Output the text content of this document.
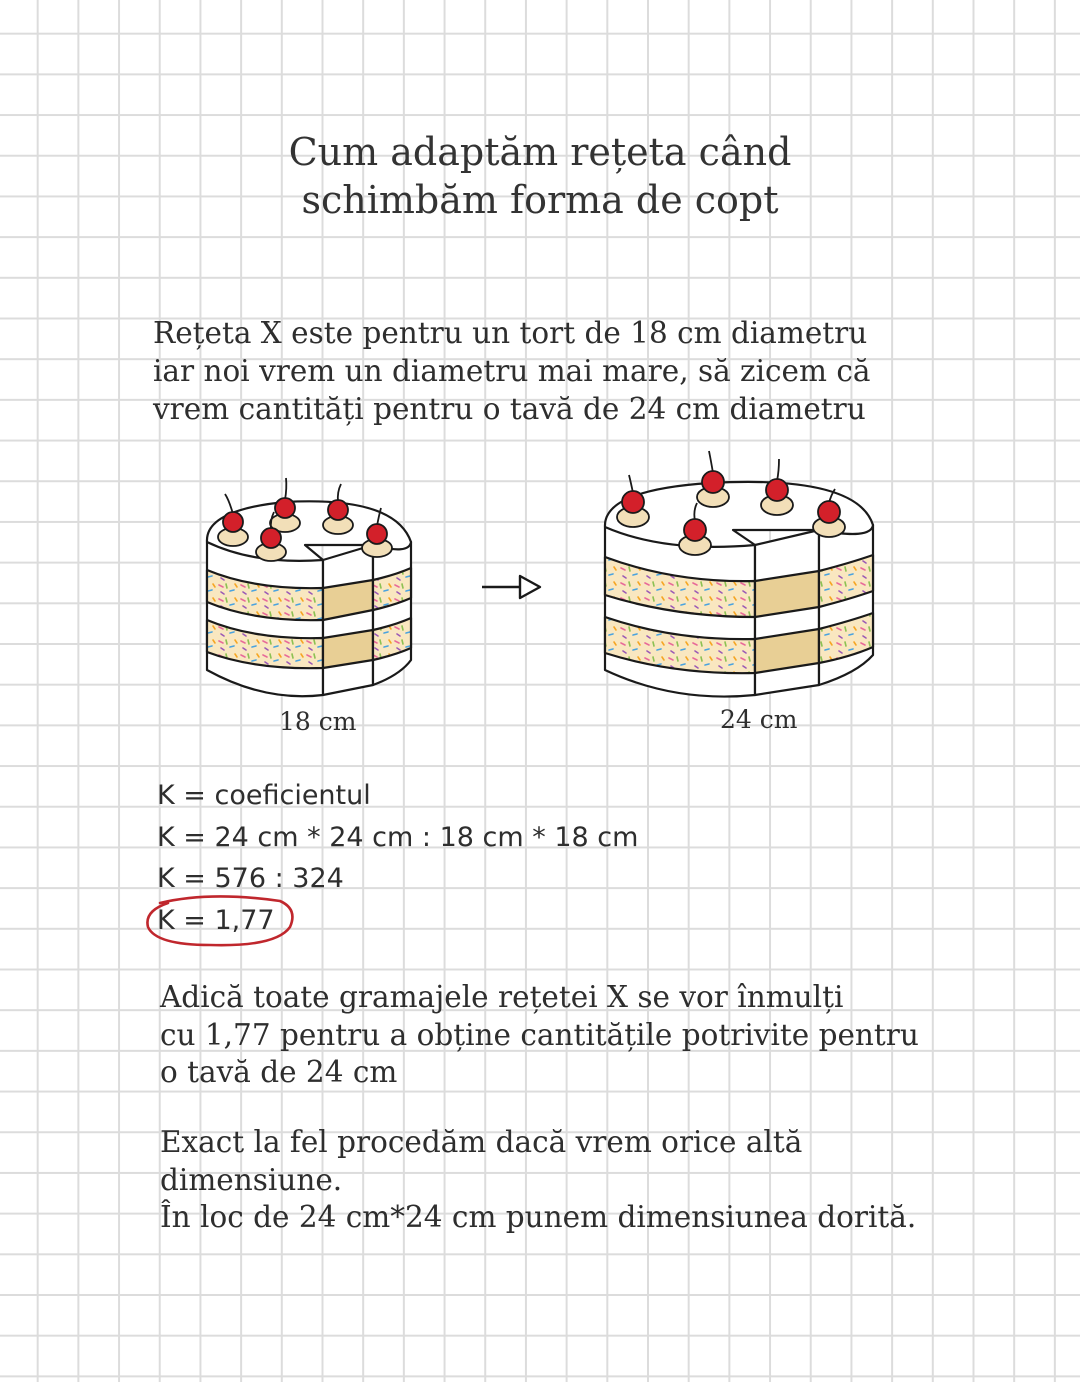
Cum adaptăm rețeta când
schimbăm forma de copt
Rețeta X este pentru un tort de 18 cm diametru
iar noi vrem un diametru mai mare, să zicem că
vrem cantități pentru o tavă de 24 cm diametru
18 cm	24 cm
K = coeficientul
K = 24 cm * 24 cm : 18 cm * 18 cm
K = 576 : 324
K = 1,77
Adică toate gramajele rețetei X se vor înmulți
cu 1,77 pentru a obține cantitățile potrivite pentru
o tavă de 24 cm
Exact la fel procedăm dacă vrem orice altă
dimensiune.
În loc de 24 cm*24 cm punem dimensiunea dorită.
